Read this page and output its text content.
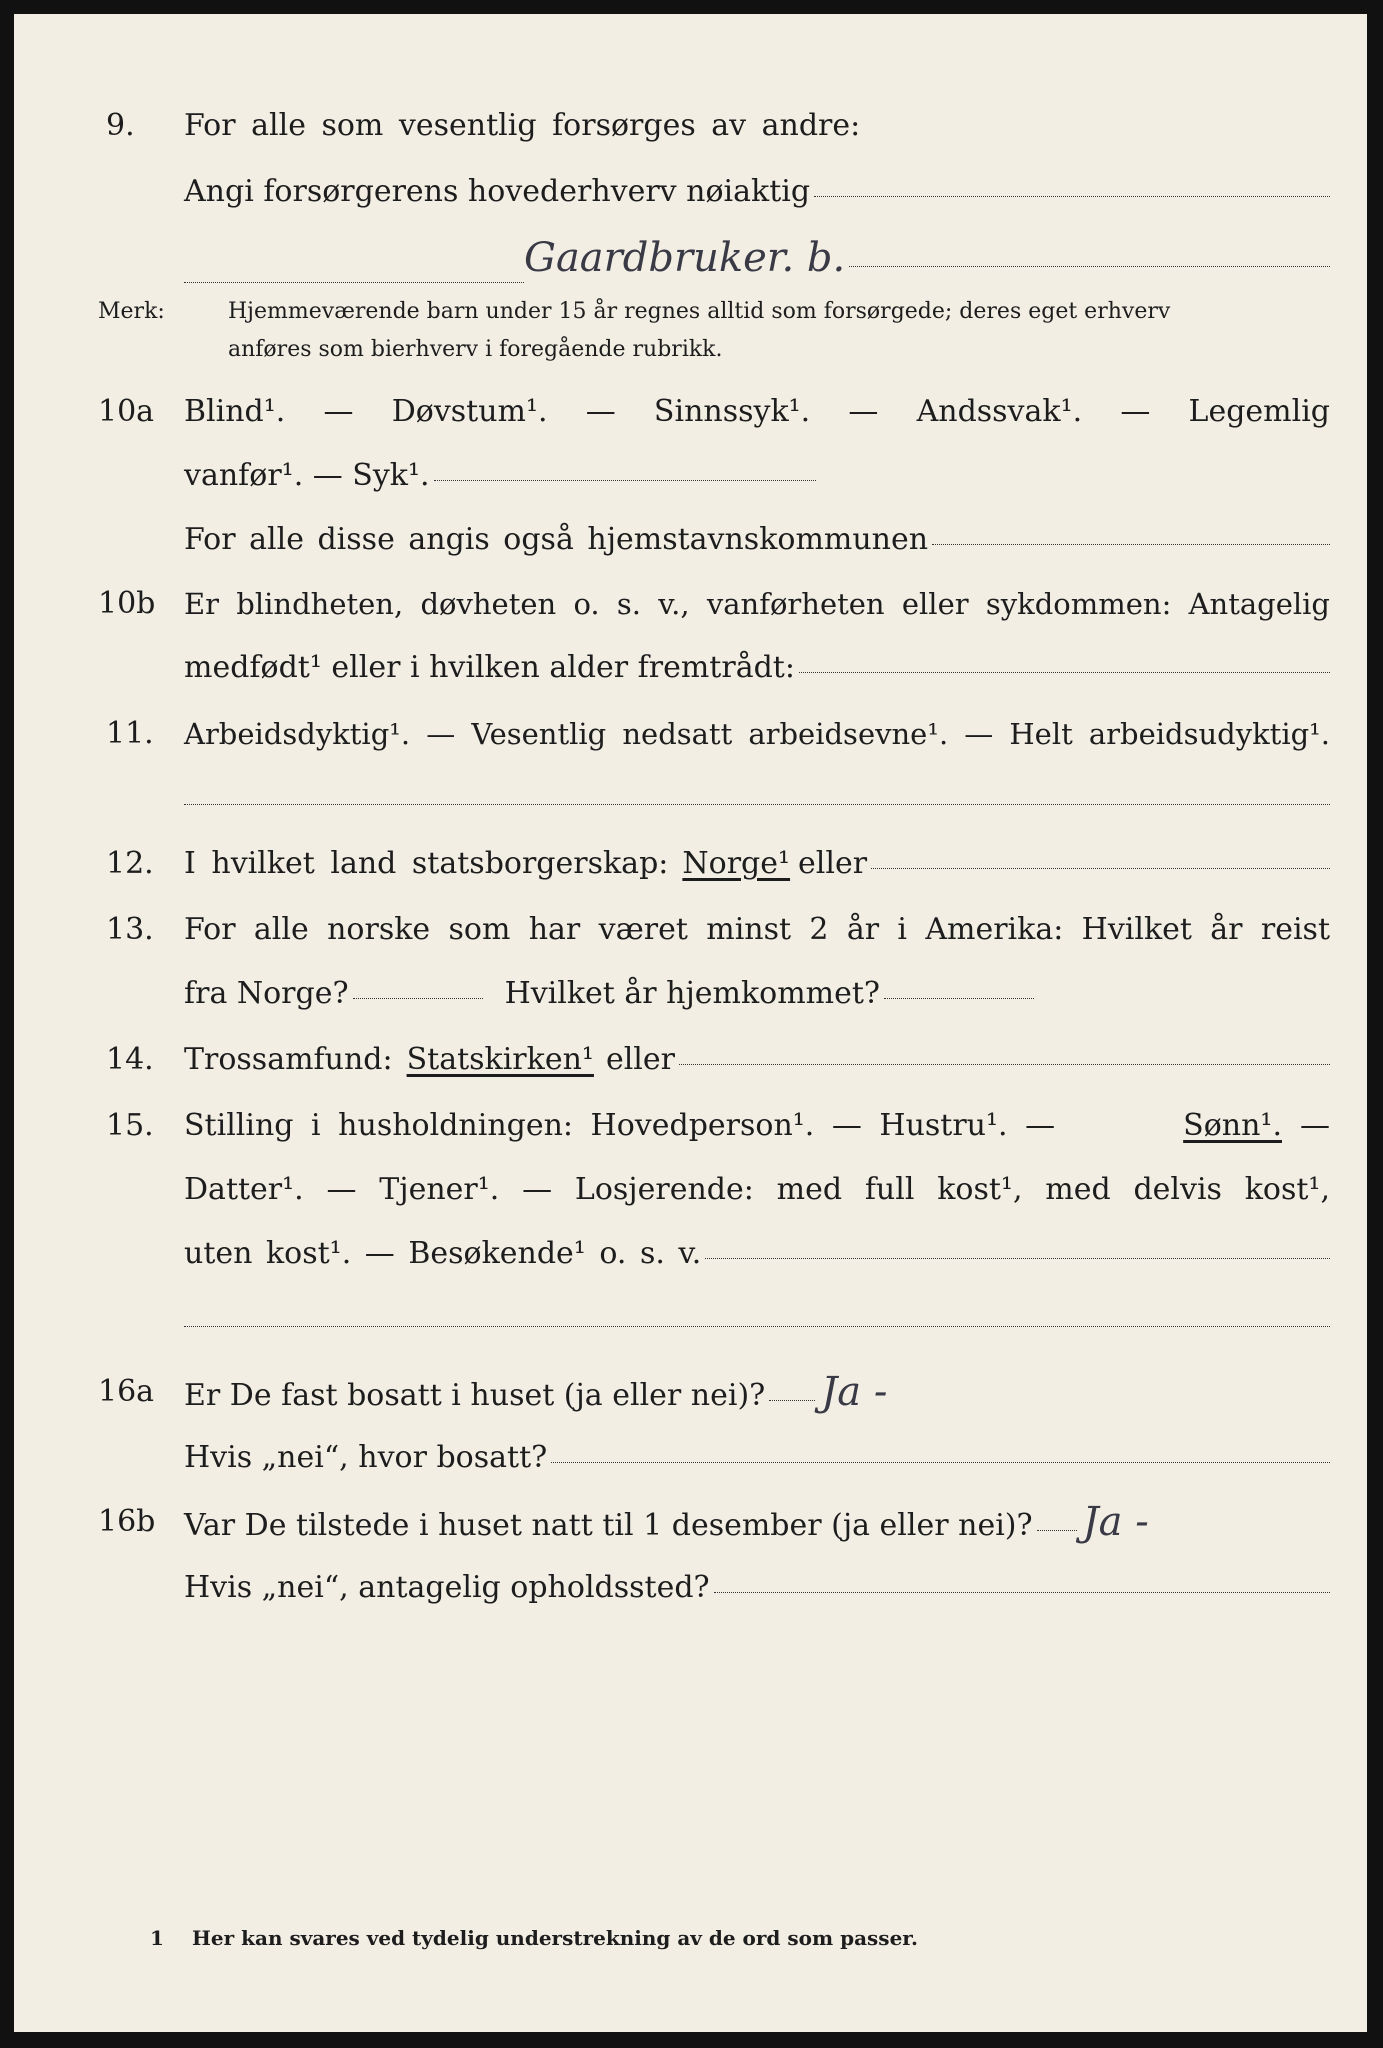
9. For alle som vesentlig forsørges av andre:
Angi forsørgerens hovederhverv nøiaktig
Gaardbruker. b.
Merk:	Hjemmeværende barn under 15 år regnes alltid som forsørgede; deres eget erhverv
anføres som bierhverv i foregående rubrikk.
10a Blind¹. — Døvstum¹. — Sinnssyk¹. — Andssvak¹. — Legemlig
vanfør¹. — Syk¹.
For alle disse angis også hjemstavnskommunen
10b Er blindheten, døvheten o. s. v., vanførheten eller sykdommen: Antagelig
medfødt¹ eller i hvilken alder fremtrådt:
11. Arbeidsdyktig¹. — Vesentlig nedsatt arbeidsevne¹. — Helt arbeidsudyktig¹.
12. I hvilket land statsborgerskap: Norge¹ eller
13. For alle norske som har været minst 2 år i Amerika: Hvilket år reist
fra Norge?	Hvilket år hjemkommet?
14. Trossamfund: Statskirken¹ eller
15. Stilling i husholdningen: Hovedperson¹. — Hustru¹. —	Sønn¹. —
Datter¹. — Tjener¹. — Losjerende: med full kost¹, med delvis kost¹,
uten kost¹. — Besøkende¹ o. s. v.
16a Er De fast bosatt i huset (ja eller nei)? Ja -
Hvis „nei“, hvor bosatt?
16b Var De tilstede i huset natt til 1 desember (ja eller nei)? Ja -
Hvis „nei“, antagelig opholdssted?
1 Her kan svares ved tydelig understrekning av de ord som passer.
